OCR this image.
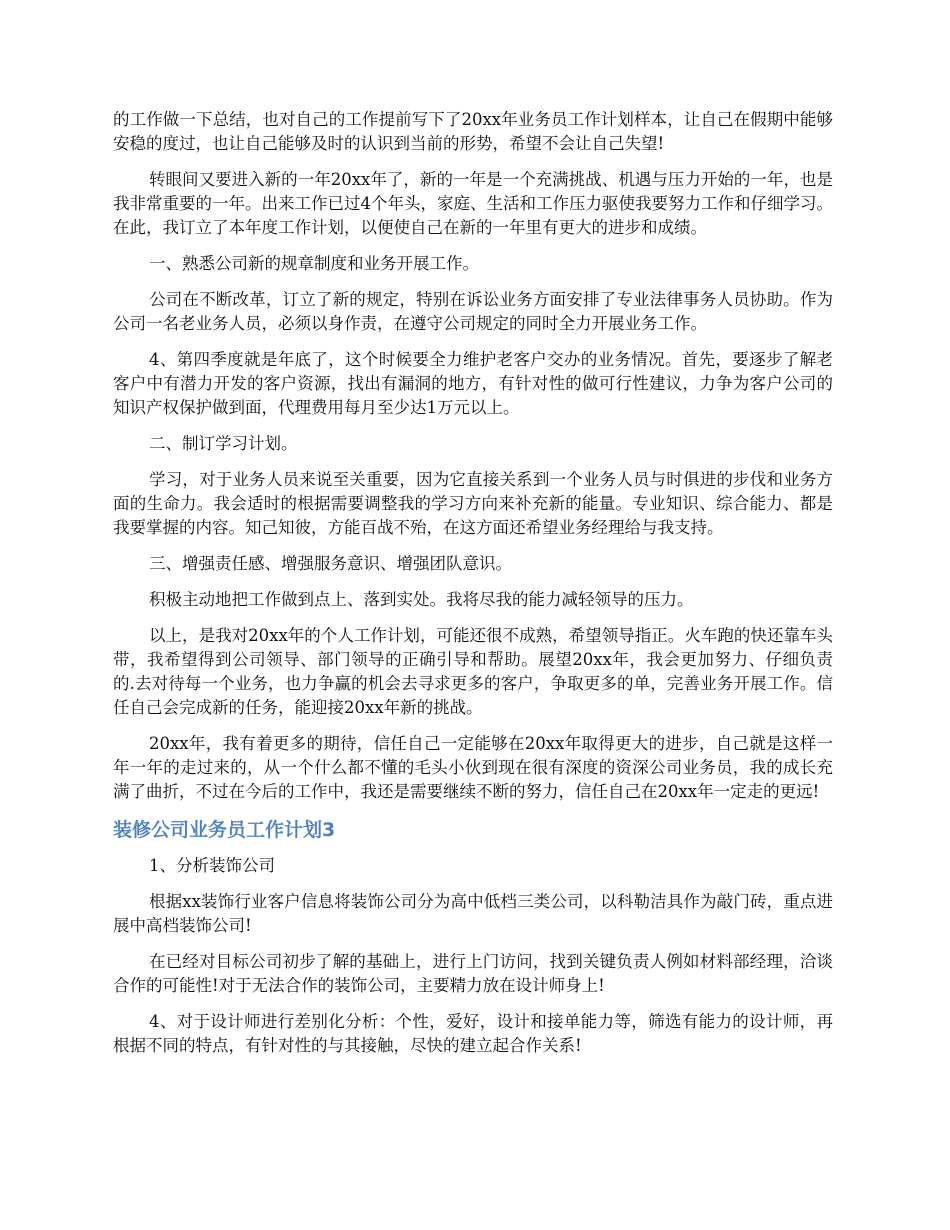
的工作做一下总结，也对自己的工作提前写下了20xx年业务员工作计划样本，让自己在假期中能够安稳的度过，也让自己能够及时的认识到当前的形势，希望不会让自己失望!

转眼间又要进入新的一年20xx年了，新的一年是一个充满挑战、机遇与压力开始的一年，也是我非常重要的一年。出来工作已过4个年头，家庭、生活和工作压力驱使我要努力工作和仔细学习。在此，我订立了本年度工作计划，以便使自己在新的一年里有更大的进步和成绩。

一、熟悉公司新的规章制度和业务开展工作。

公司在不断改革，订立了新的规定，特别在诉讼业务方面安排了专业法律事务人员协助。作为公司一名老业务人员，必须以身作责，在遵守公司规定的同时全力开展业务工作。

4、第四季度就是年底了，这个时候要全力维护老客户交办的业务情况。首先，要逐步了解老客户中有潜力开发的客户资源，找出有漏洞的地方，有针对性的做可行性建议，力争为客户公司的知识产权保护做到面，代理费用每月至少达1万元以上。

二、制订学习计划。

学习，对于业务人员来说至关重要，因为它直接关系到一个业务人员与时俱进的步伐和业务方面的生命力。我会适时的根据需要调整我的学习方向来补充新的能量。专业知识、综合能力、都是我要掌握的内容。知己知彼，方能百战不殆，在这方面还希望业务经理给与我支持。

三、增强责任感、增强服务意识、增强团队意识。

积极主动地把工作做到点上、落到实处。我将尽我的能力减轻领导的压力。

以上，是我对20xx年的个人工作计划，可能还很不成熟，希望领导指正。火车跑的快还靠车头带，我希望得到公司领导、部门领导的正确引导和帮助。展望20xx年，我会更加努力、仔细负责的.去对待每一个业务，也力争赢的机会去寻求更多的客户，争取更多的单，完善业务开展工作。信任自己会完成新的任务，能迎接20xx年新的挑战。

20xx年，我有着更多的期待，信任自己一定能够在20xx年取得更大的进步，自己就是这样一年一年的走过来的，从一个什么都不懂的毛头小伙到现在很有深度的资深公司业务员，我的成长充满了曲折，不过在今后的工作中，我还是需要继续不断的努力，信任自己在20xx年一定走的更远!

装修公司业务员工作计划3

1、分析装饰公司

根据xx装饰行业客户信息将装饰公司分为高中低档三类公司，以科勒洁具作为敲门砖，重点进展中高档装饰公司!

在已经对目标公司初步了解的基础上，进行上门访问，找到关键负责人例如材料部经理，洽谈合作的可能性!对于无法合作的装饰公司，主要精力放在设计师身上!

4、对于设计师进行差别化分析：个性，爱好，设计和接单能力等，筛选有能力的设计师，再根据不同的特点，有针对性的与其接触，尽快的建立起合作关系!
